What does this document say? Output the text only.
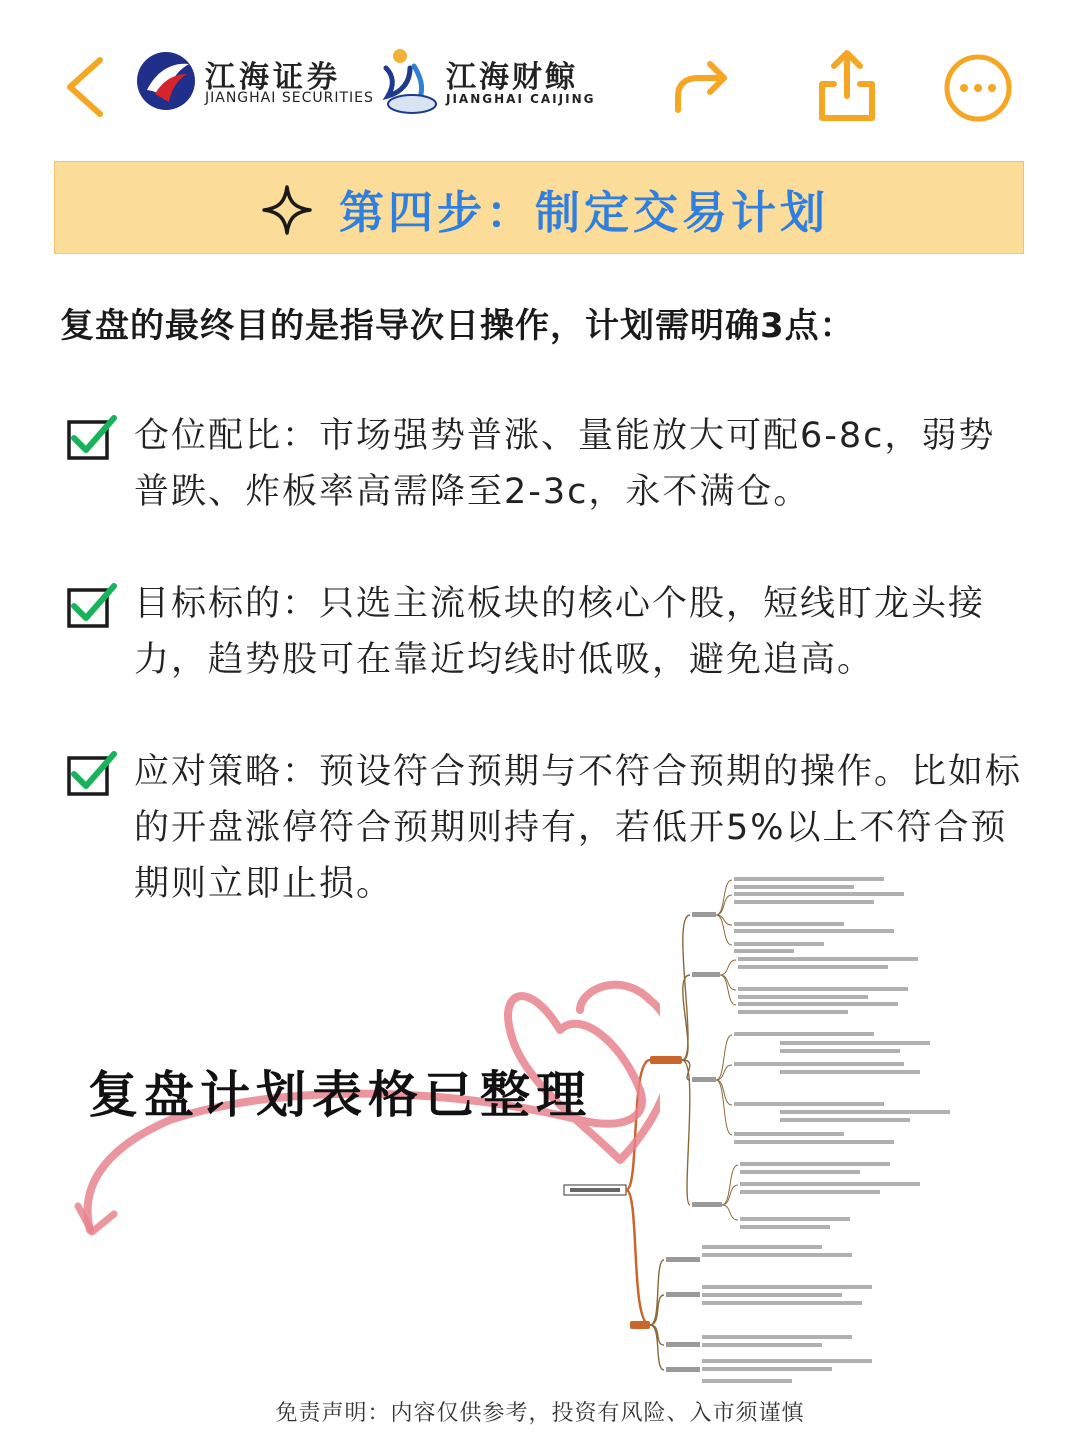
江海证券
JIANGHAI SECURITIES
江海财鲸
JIANGHAI CAIJING
第四步：制定交易计划
复盘的最终目的是指导次日操作，计划需明确3点：
仓位配比：市场强势普涨、量能放大可配6-8c，弱势普跌、炸板率高需降至2-3c，永不满仓。
目标标的：只选主流板块的核心个股，短线盯龙头接力，趋势股可在靠近均线时低吸，避免追高。
应对策略：预设符合预期与不符合预期的操作。比如标的开盘涨停符合预期则持有，若低开5%以上不符合预期则立即止损。
复盘计划表格已整理
免责声明：内容仅供参考，投资有风险、入市须谨慎
